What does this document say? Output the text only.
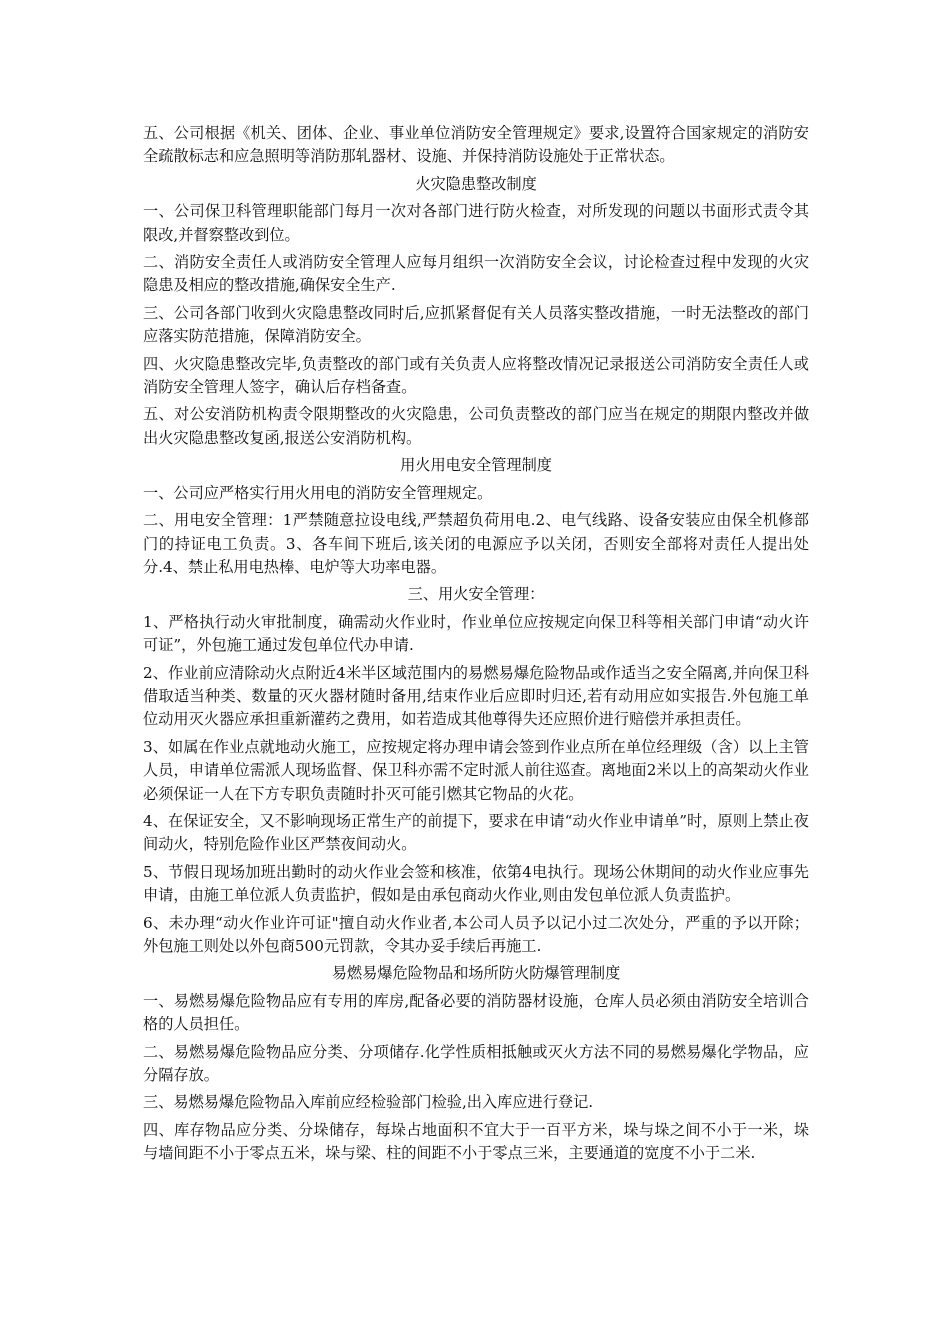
五、公司根据《机关、团体、企业、事业单位消防安全管理规定》要求,设置符合国家规定的消防安全疏散标志和应急照明等消防那轧器材、设施、并保持消防设施处于正常状态。

火灾隐患整改制度

一、公司保卫科管理职能部门每月一次对各部门进行防火检查，对所发现的问题以书面形式责令其限改,并督察整改到位。

二、消防安全责任人或消防安全管理人应每月组织一次消防安全会议，讨论检查过程中发现的火灾隐患及相应的整改措施,确保安全生产.

三、公司各部门收到火灾隐患整改同时后,应抓紧督促有关人员落实整改措施，一时无法整改的部门应落实防范措施，保障消防安全。

四、火灾隐患整改完毕,负责整改的部门或有关负责人应将整改情况记录报送公司消防安全责任人或消防安全管理人签字，确认后存档备查。

五、对公安消防机构责令限期整改的火灾隐患，公司负责整改的部门应当在规定的期限内整改并做出火灾隐患整改复函,报送公安消防机构。

用火用电安全管理制度

一、公司应严格实行用火用电的消防安全管理规定。

二、用电安全管理：1严禁随意拉设电线,严禁超负荷用电.2、电气线路、设备安装应由保全机修部门的持证电工负责。3、各车间下班后,该关闭的电源应予以关闭，否则安全部将对责任人提出处分.4、禁止私用电热棒、电炉等大功率电器。

三、用火安全管理：

1、严格执行动火审批制度，确需动火作业时，作业单位应按规定向保卫科等相关部门申请“动火许可证”，外包施工通过发包单位代办申请.

2、作业前应清除动火点附近4米半区域范围内的易燃易爆危险物品或作适当之安全隔离,并向保卫科借取适当种类、数量的灭火器材随时备用,结束作业后应即时归还,若有动用应如实报告.外包施工单位动用灭火器应承担重新灌药之费用，如若造成其他尊得失还应照价进行赔偿并承担责任。

3、如属在作业点就地动火施工，应按规定将办理申请会签到作业点所在单位经理级（含）以上主管人员，申请单位需派人现场监督、保卫科亦需不定时派人前往巡查。离地面2米以上的高架动火作业必须保证一人在下方专职负责随时扑灭可能引燃其它物品的火花。

4、在保证安全，又不影响现场正常生产的前提下，要求在申请“动火作业申请单”时，原则上禁止夜间动火，特别危险作业区严禁夜间动火。

5、节假日现场加班出勤时的动火作业会签和核准，依第4电执行。现场公休期间的动火作业应事先申请，由施工单位派人负责监护，假如是由承包商动火作业,则由发包单位派人负责监护。

6、未办理“动火作业许可证"擅自动火作业者,本公司人员予以记小过二次处分，严重的予以开除；外包施工则处以外包商500元罚款，令其办妥手续后再施工.

易燃易爆危险物品和场所防火防爆管理制度

一、易燃易爆危险物品应有专用的库房,配备必要的消防器材设施，仓库人员必须由消防安全培训合格的人员担任。

二、易燃易爆危险物品应分类、分项储存.化学性质相抵触或灭火方法不同的易燃易爆化学物品，应分隔存放。

三、易燃易爆危险物品入库前应经检验部门检验,出入库应进行登记.

四、库存物品应分类、分垛储存，每垛占地面积不宜大于一百平方米，垛与垛之间不小于一米，垛与墙间距不小于零点五米，垛与梁、柱的间距不小于零点三米，主要通道的宽度不小于二米.
